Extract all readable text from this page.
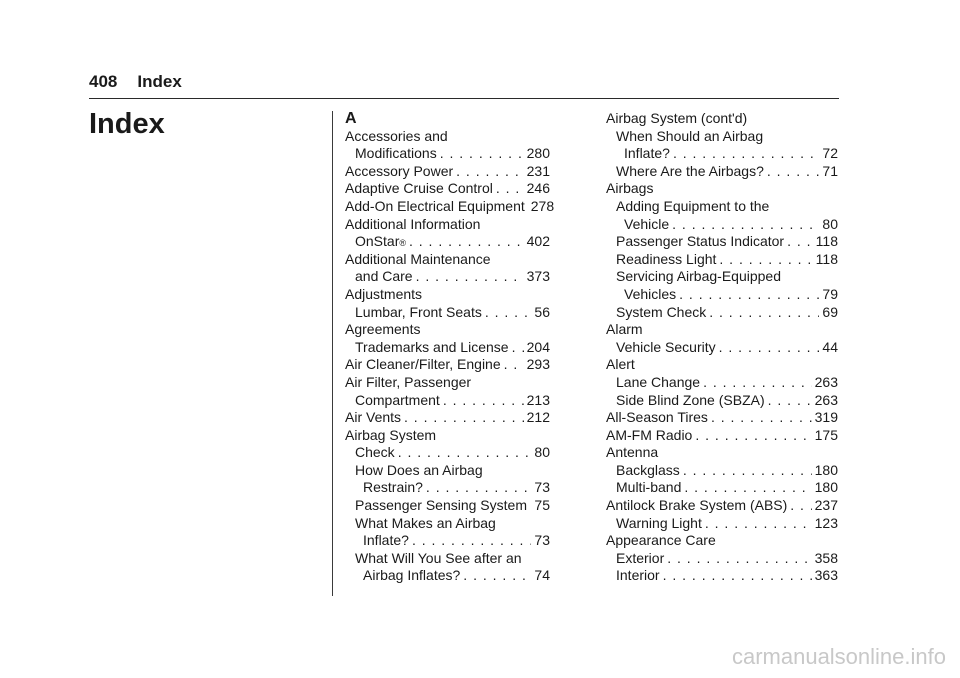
408 Index
Index	A
Accessories and
Modifications . . .	280
Accessory Power . . .	231
Adaptive Cruise Control . . . 246
Add-On Electrical Equipment 278
Additional Information
OnStar ® . . .	402
Additional Maintenance
and Care . . .	373
Adjustments
Lumbar, Front Seats . . .	56
Agreements
Trademarks and License . . . 204
Air Cleaner/Filter, Engine . . . 293
Air Filter, Passenger
Compartment . . .	213
Air Vents . . .	212
Airbag System
Check . . .	80
How Does an Airbag
Restrain? . . .	73
Passenger Sensing System . . . 75
What Makes an Airbag
Inflate? . . .	73
What Will You See after an
Airbag Inflates? . . .	74
Airbag System (cont'd)
When Should an Airbag
Inflate? . . .	72
Where Are the Airbags? . . .	71
Airbags
Adding Equipment to the
Vehicle . . .	80
Passenger Status Indicator . . . 118
Readiness Light . . .	118
Servicing Airbag-Equipped
Vehicles . . .	79
System Check . . .	69
Alarm
Vehicle Security . . .	44
Alert
Lane Change . . .	263
Side Blind Zone (SBZA) . . .	263
All-Season Tires . . .	319
AM-FM Radio . . .	175
Antenna
Backglass . . .	180
Multi-band . . .	180
Antilock Brake System (ABS) . . . 237
Warning Light . . .	123
Appearance Care
Exterior . . .	358
Interior . . .	363
carmanualsonline.info
